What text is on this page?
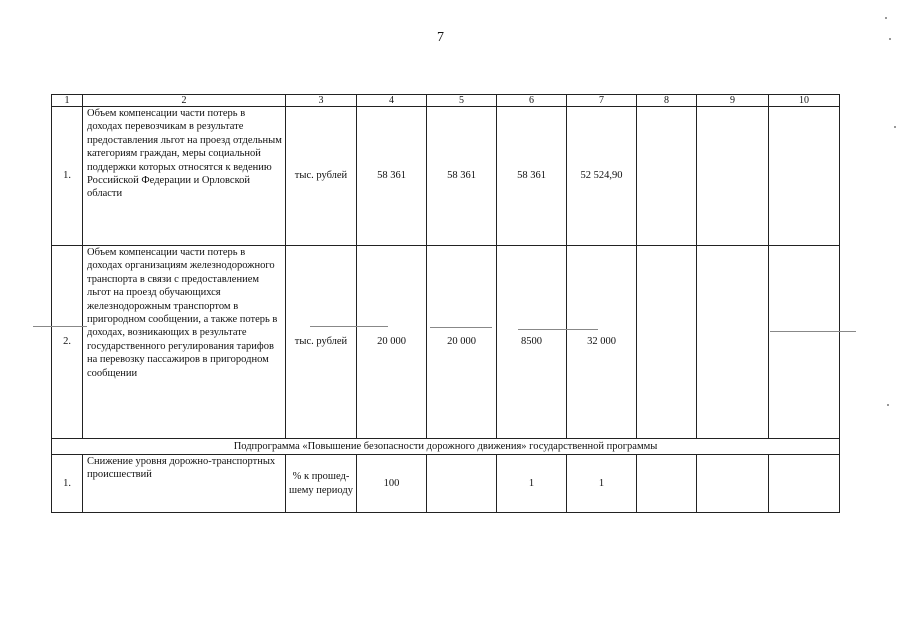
7
1	2	3	4	5	6	7	8	9	10
1.	Объем компенсации части потерь в доходах перевозчикам в результате предоставления льгот на проезд отдельным категориям граждан, меры социальной поддержки которых относятся к ведению Российской Федерации и Орловской области	тыс. рублей	58 361	58 361	58 361	52 524,90			
2.	Объем компенсации части потерь в доходах организациям железнодорожного транспорта в связи с предоставлением льгот на проезд обучающихся железнодорожным транспортом в пригородном сообщении, а также потерь в доходах, возникающих в результате государственного регулирования тарифов на перевозку пассажиров в пригородном сообщении	тыс. рублей	20 000	20 000	8500	32 000			
Подпрограмма «Повышение безопасности дорожного движения» государственной программы									
1.	Снижение уровня дорожно-транспортных происшествий	% к прошед-шему периоду	100		1	1			
